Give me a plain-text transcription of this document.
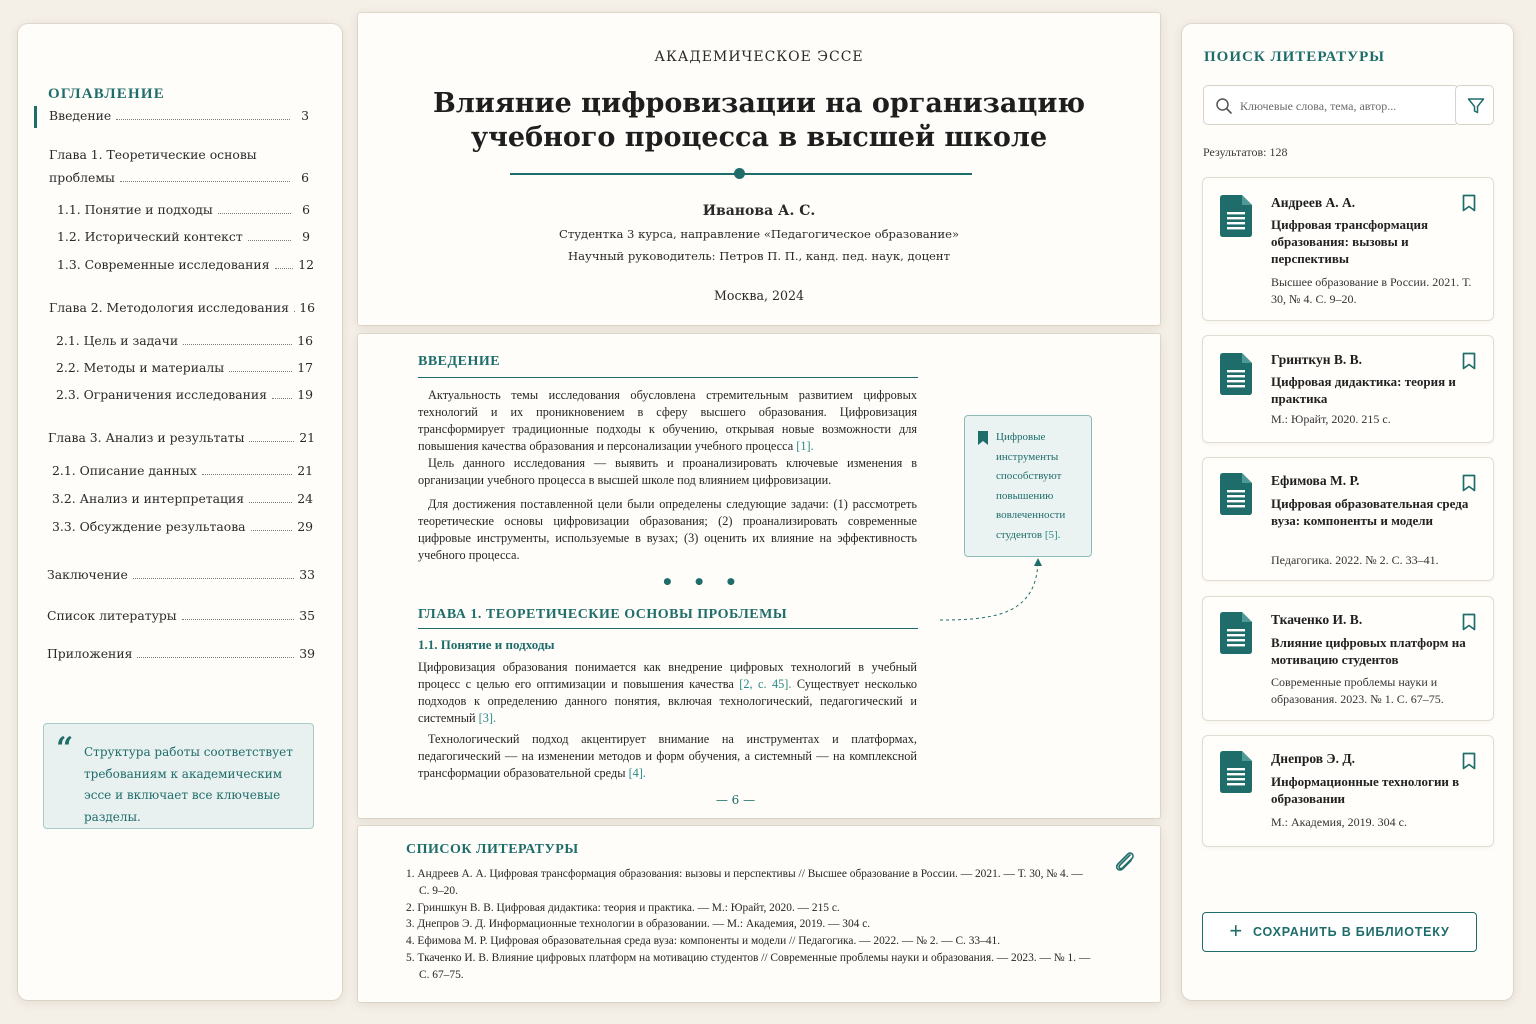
ОГЛАВЛЕНИЕ
Введение	3
Глава 1. Теоретические основы
проблемы	6
1.1. Понятие и подходы	6
1.2. Исторический контекст	9
1.3. Современные исследования 12
Глава 2. Методология исследования 16
2.1. Цель и задачи	16
2.2. Методы и материалы	17
2.3. Ограничения исследования 19
Глава 3. Анализ и результаты	21
2.1. Описание данных	21
3.2. Анализ и интерпретация	24
3.3. Обсуждение результаова	29
Заключение	33
Список литературы	35
Приложения	39
“ Структура работы соответствует требованиям к академическим эссе и включает все ключевые разделы.
АКАДЕМИЧЕСКОЕ ЭССЕ
Влияние цифровизации на организацию
учебного процесса в высшей школе
Иванова А. С.
Студентка 3 курса, направление «Педагогическое образование»
Научный руководитель: Петров П. П., канд. пед. наук, доцент
Москва, 2024
ВВЕДЕНИЕ
Актуальность темы исследования обусловлена стремительным развитием цифровых технологий и их проникновением в сферу высшего образования. Цифровизация трансформирует традиционные подходы к обучению, открывая новые возможности для повышения качества образования и персонализации учебного процесса [1].
Цель данного исследования — выявить и проанализировать ключевые изменения в организации учебного процесса в высшей школе под влиянием цифровизации.
Для достижения поставленной цели были определены следующие задачи: (1) рассмотреть теоретические основы цифровизации образования; (2) проанализировать современные цифровые инструменты, используемые в вузах; (3) оценить их влияние на эффективность учебного процесса.
• • •
ГЛАВА 1. ТЕОРЕТИЧЕСКИЕ ОСНОВЫ ПРОБЛЕМЫ
1.1. Понятие и подходы
Цифровизация образования понимается как внедрение цифровых технологий в учебный процесс с целью его оптимизации и повышения качества [2, с. 45]. Существует несколько подходов к определению данного понятия, включая технологический, педагогический и системный [3].
Технологический подход акцентирует внимание на инструментах и платформах, педагогический — на изменении методов и форм обучения, а системный — на комплексной трансформации образовательной среды [4].
— 6 —
Цифровые инструменты способствуют повышению вовлеченности студентов [5].
СПИСОК ЛИТЕРАТУРЫ
1. Андреев А. А. Цифровая трансформация образования: вызовы и перспективы // Высшее образование в России. — 2021. — Т. 30, № 4. — С. 9–20.
2. Гриншкун В. В. Цифровая дидактика: теория и практика. — М.: Юрайт, 2020. — 215 с.
3. Днепров Э. Д. Информационные технологии в образовании. — М.: Академия, 2019. — 304 с.
4. Ефимова М. Р. Цифровая образовательная среда вуза: компоненты и модели // Педагогика. — 2022. — № 2. — С. 33–41.
5. Ткаченко И. В. Влияние цифровых платформ на мотивацию студентов // Современные проблемы науки и образования. — 2023. — № 1. — С. 67–75.
ПОИСК ЛИТЕРАТУРЫ
Ключевые слова, тема, автор...
Результатов: 128
Андреев А. А.
Цифровая трансформация образования: вызовы и перспективы
Высшее образование в России. 2021. Т. 30, № 4. С. 9–20.
Гринткун В. В.
Цифровая дидактика: теория и практика
М.: Юрайт, 2020. 215 с.
Ефимова М. Р.
Цифровая образовательная среда вуза: компоненты и модели
Педагогика. 2022. № 2. С. 33–41.
Ткаченко И. В.
Влияние цифровых платформ на мотивацию студентов
Современные проблемы науки и образования. 2023. № 1. С. 67–75.
Днепров Э. Д.
Информационные технологии в образовании
М.: Академия, 2019. 304 с.
+ СОХРАНИТЬ В БИБЛИОТЕКУ
